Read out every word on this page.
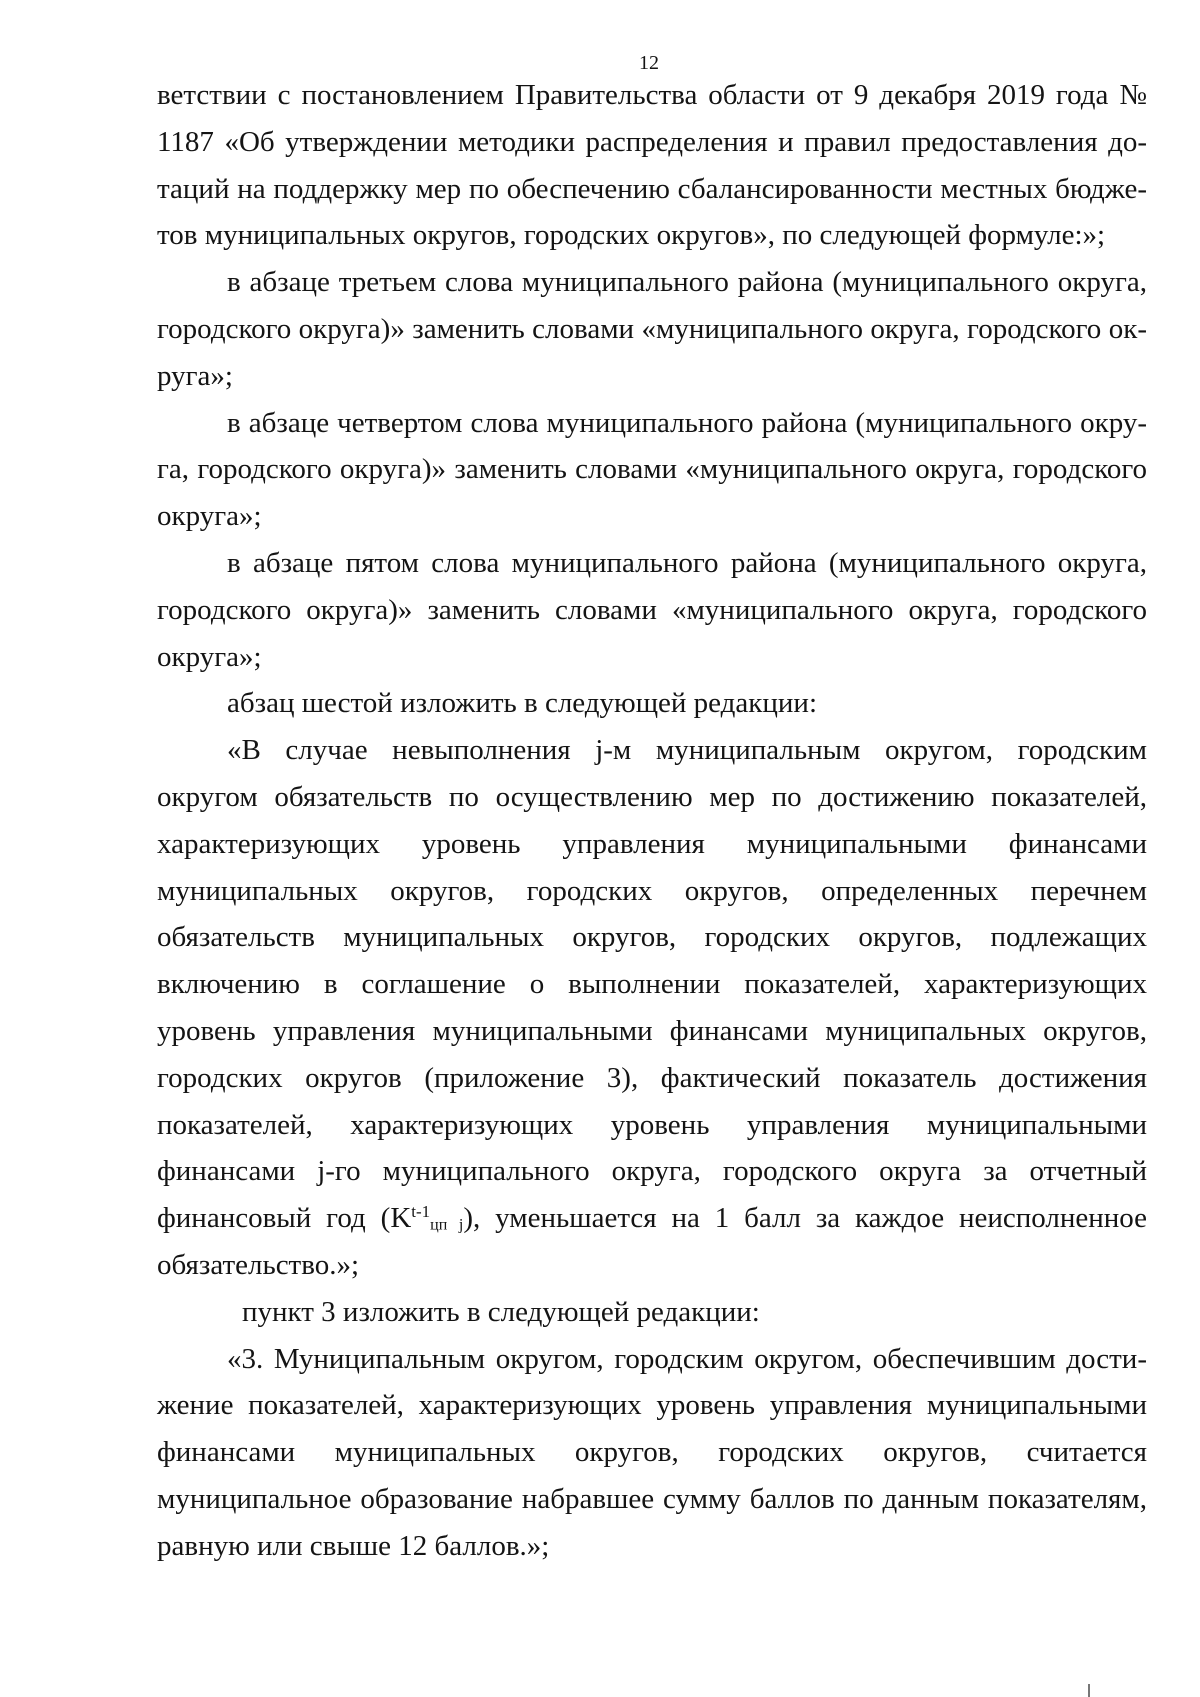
12

ветствии с постановлением Правительства области от 9 декабря 2019 года № 1187 «Об утверждении методики распределения и правил предоставления дотаций на поддержку мер по обеспечению сбалансированности местных бюджетов муниципальных округов, городских округов», по следующей формуле:»;

в абзаце третьем слова муниципального района (муниципального округа, городского округа)» заменить словами «муниципального округа, городского округа»;

в абзаце четвертом слова муниципального района (муниципального округа, городского округа)» заменить словами «муниципального округа, городского округа»;

в абзаце пятом слова муниципального района (муниципального округа, городского округа)» заменить словами «муниципального округа, городского округа»;

абзац шестой изложить в следующей редакции:

«В случае невыполнения j-м муниципальным округом, городским округом обязательств по осуществлению мер по достижению показателей, характеризующих уровень управления муниципальными финансами муниципальных округов, городских округов, определенных перечнем обязательств муниципальных округов, городских округов, подлежащих включению в соглашение о выполнении показателей, характеризующих уровень управления муниципальными финансами муниципальных округов, городских округов (приложение 3), фактический показатель достижения показателей, характеризующих уровень управления муниципальными финансами j-го муниципального округа, городского округа за отчетный финансовый год $(K^{t-1}_{цп j})$, уменьшается на 1 балл за каждое неисполненное обязательство.»;

пункт 3 изложить в следующей редакции:

«3. Муниципальным округом, городским округом, обеспечившим достижение показателей, характеризующих уровень управления муниципальными финансами муниципальных округов, городских округов, считается муниципальное образование набравшее сумму баллов по данным показателям, равную или свыше 12 баллов.»;
